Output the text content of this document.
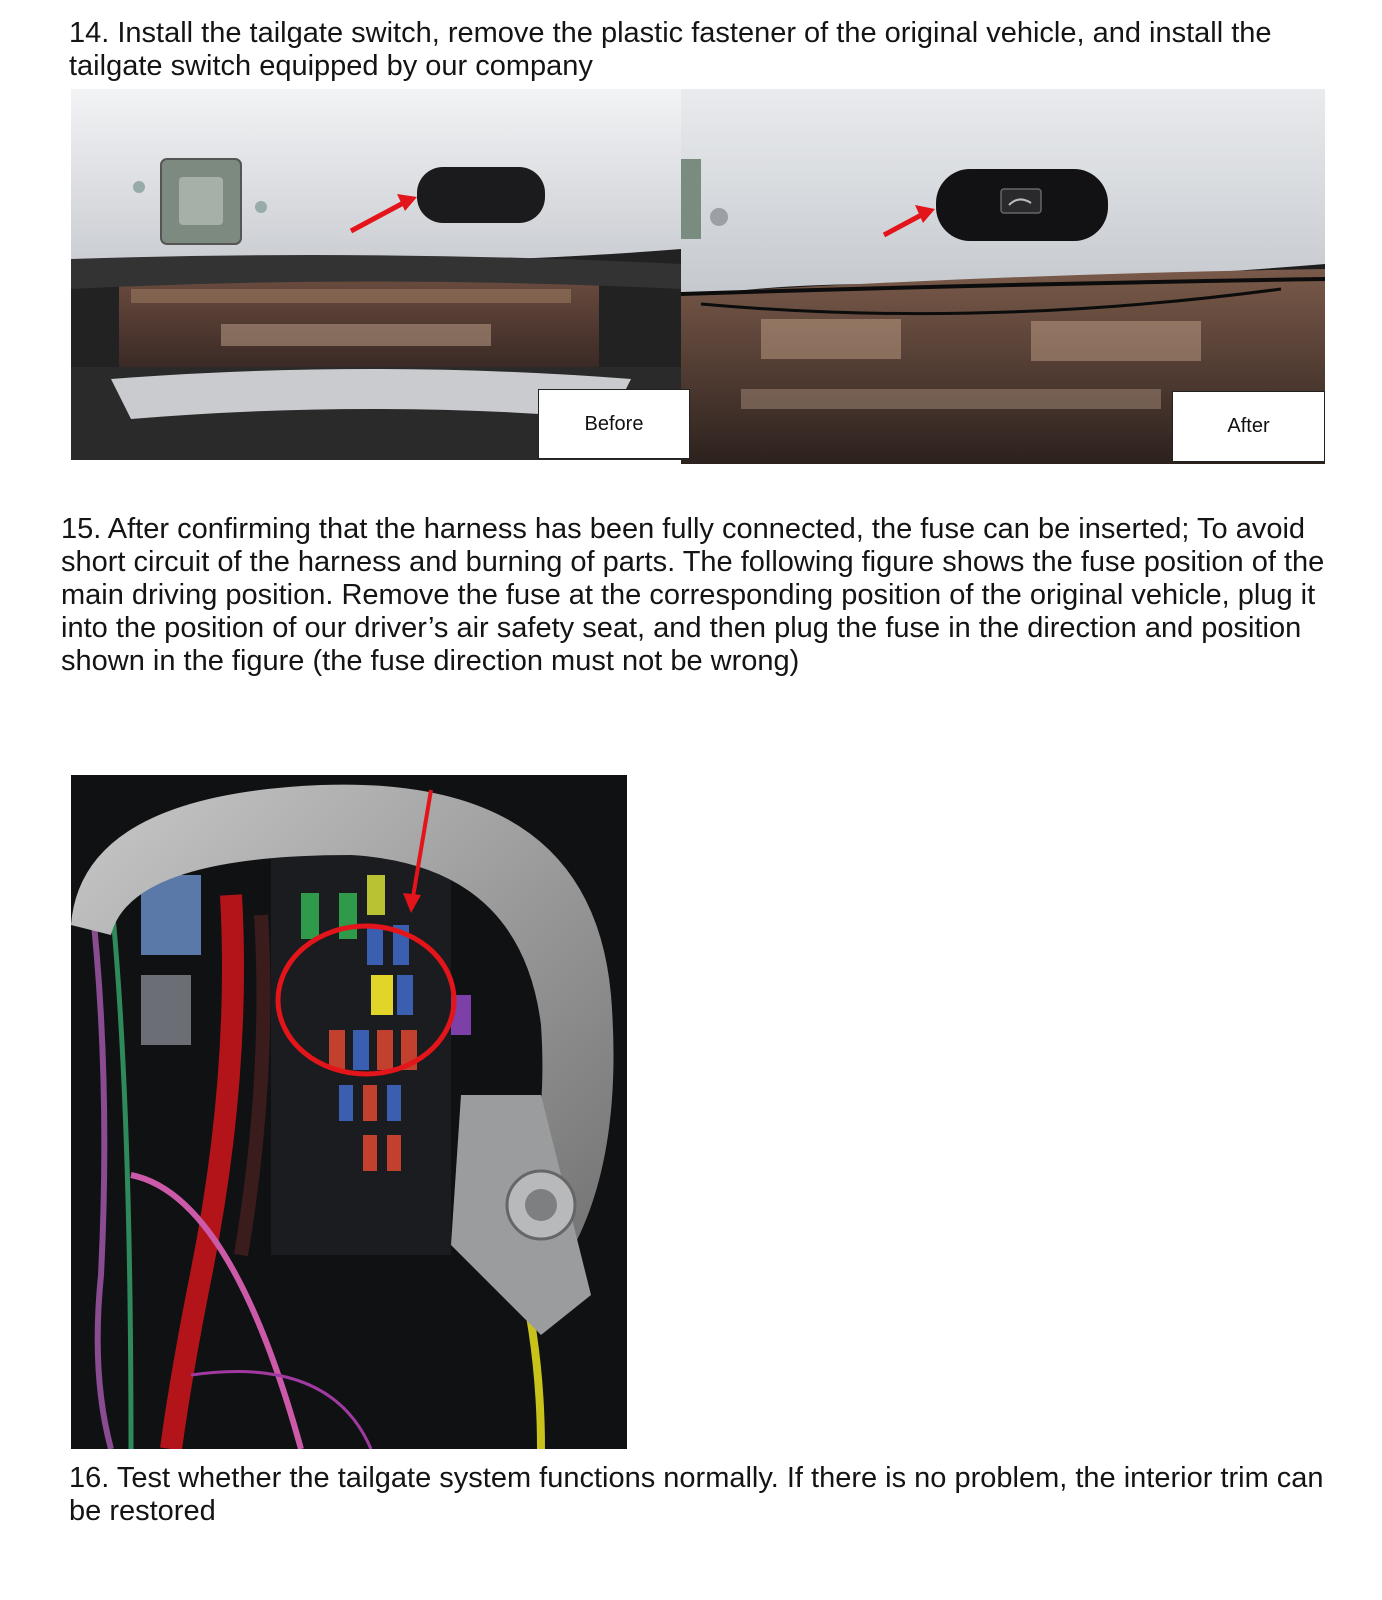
14. Install the tailgate switch, remove the plastic fastener of the original vehicle, and install the tailgate switch equipped by our company

Before	After

15. After confirming that the harness has been fully connected, the fuse can be inserted; To avoid short circuit of the harness and burning of parts. The following figure shows the fuse position of the main driving position. Remove the fuse at the corresponding position of the original vehicle, plug it into the position of our driver’s air safety seat, and then plug the fuse in the direction and position shown in the figure (the fuse direction must not be wrong)

16. Test whether the tailgate system functions normally. If there is no problem, the interior trim can be restored
